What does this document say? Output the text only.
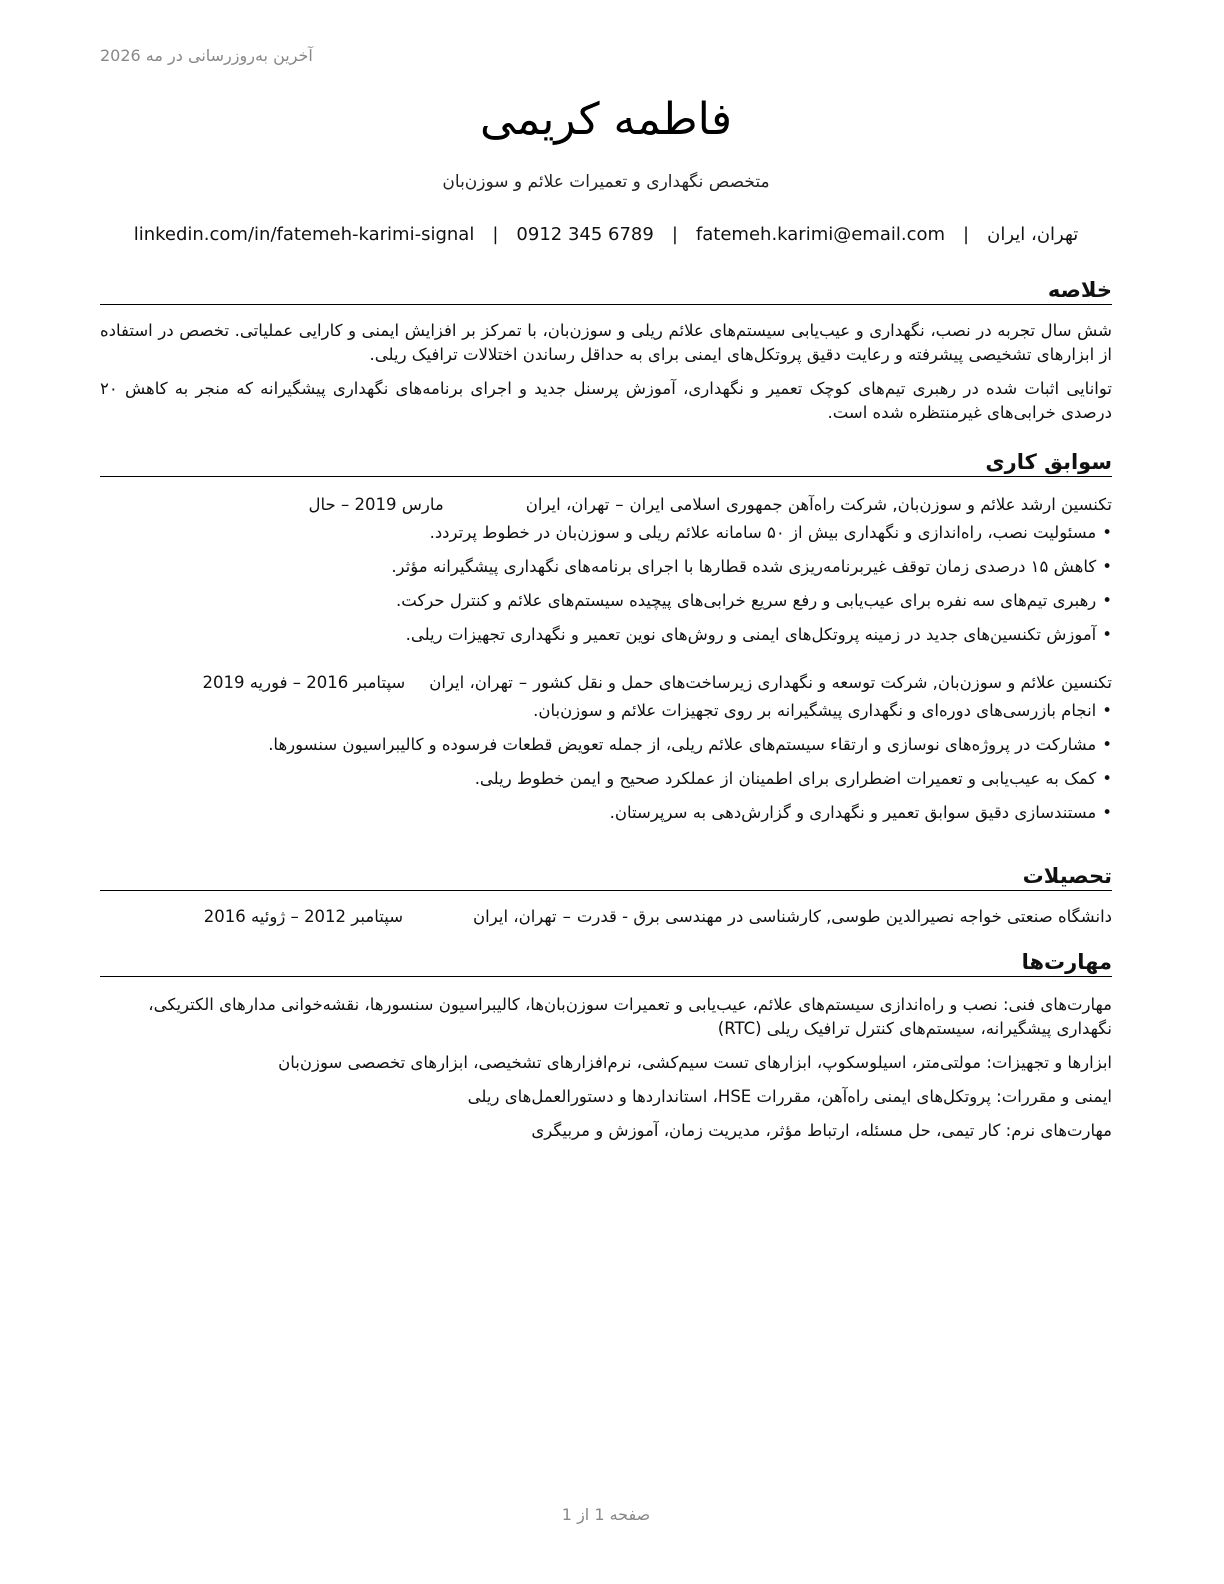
آخرین به‌روزرسانی در مه 2026
فاطمه کریمی
متخصص نگهداری و تعمیرات علائم و سوزن‌بان
تهران، ایران|fatemeh.karimi@email.com|0912 345 6789|linkedin.com/in/fatemeh-karimi-signal
خلاصه

شش سال تجربه در نصب، نگهداری و عیب‌یابی سیستم‌های علائم ریلی و سوزن‌بان، با تمرکز بر افزایش ایمنی و کارایی عملیاتی. تخصص در استفاده از ابزارهای تشخیصی پیشرفته و رعایت دقیق پروتکل‌های ایمنی برای به حداقل رساندن اختلالات ترافیک ریلی.

توانایی اثبات شده در رهبری تیم‌های کوچک تعمیر و نگهداری، آموزش پرسنل جدید و اجرای برنامه‌های نگهداری پیشگیرانه که منجر به کاهش ۲۰ درصدی خرابی‌های غیرمنتظره شده است.

سوابق کاری
تکنسین ارشد علائم و سوزن‌بان, شرکت راه‌آهن جمهوری اسلامی ایران
–
تهران، ایران
مارس 2019 – حال
•مسئولیت نصب، راه‌اندازی و نگهداری بیش از ۵۰ سامانه علائم ریلی و سوزن‌بان در خطوط پرتردد.
•کاهش ۱۵ درصدی زمان توقف غیربرنامه‌ریزی شده قطارها با اجرای برنامه‌های نگهداری پیشگیرانه مؤثر.
•رهبری تیم‌های سه نفره برای عیب‌یابی و رفع سریع خرابی‌های پیچیده سیستم‌های علائم و کنترل حرکت.
•آموزش تکنسین‌های جدید در زمینه پروتکل‌های ایمنی و روش‌های نوین تعمیر و نگهداری تجهیزات ریلی.
تکنسین علائم و سوزن‌بان, شرکت توسعه و نگهداری زیرساخت‌های حمل و نقل کشور
–
تهران، ایران
سپتامبر 2016 – فوریه 2019
•انجام بازرسی‌های دوره‌ای و نگهداری پیشگیرانه بر روی تجهیزات علائم و سوزن‌بان.
•مشارکت در پروژه‌های نوسازی و ارتقاء سیستم‌های علائم ریلی، از جمله تعویض قطعات فرسوده و کالیبراسیون سنسورها.
•کمک به عیب‌یابی و تعمیرات اضطراری برای اطمینان از عملکرد صحیح و ایمن خطوط ریلی.
•مستندسازی دقیق سوابق تعمیر و نگهداری و گزارش‌دهی به سرپرستان.
تحصیلات
دانشگاه صنعتی خواجه نصیرالدین طوسی, کارشناسی در مهندسی برق - قدرت
–
تهران، ایران
سپتامبر 2012 – ژوئیه 2016
مهارت‌ها
مهارت‌های فنی: نصب و راه‌اندازی سیستم‌های علائم، عیب‌یابی و تعمیرات سوزن‌بان‌ها، کالیبراسیون سنسورها، نقشه‌خوانی مدارهای الکتریکی، نگهداری پیشگیرانه، سیستم‌های کنترل ترافیک ریلی (RTC)
ابزارها و تجهیزات: مولتی‌متر، اسیلوسکوپ، ابزارهای تست سیم‌کشی، نرم‌افزارهای تشخیصی، ابزارهای تخصصی سوزن‌بان
ایمنی و مقررات: پروتکل‌های ایمنی راه‌آهن، مقررات HSE، استانداردها و دستورالعمل‌های ریلی
مهارت‌های نرم: کار تیمی، حل مسئله، ارتباط مؤثر، مدیریت زمان، آموزش و مربیگری
صفحه 1 از 1
